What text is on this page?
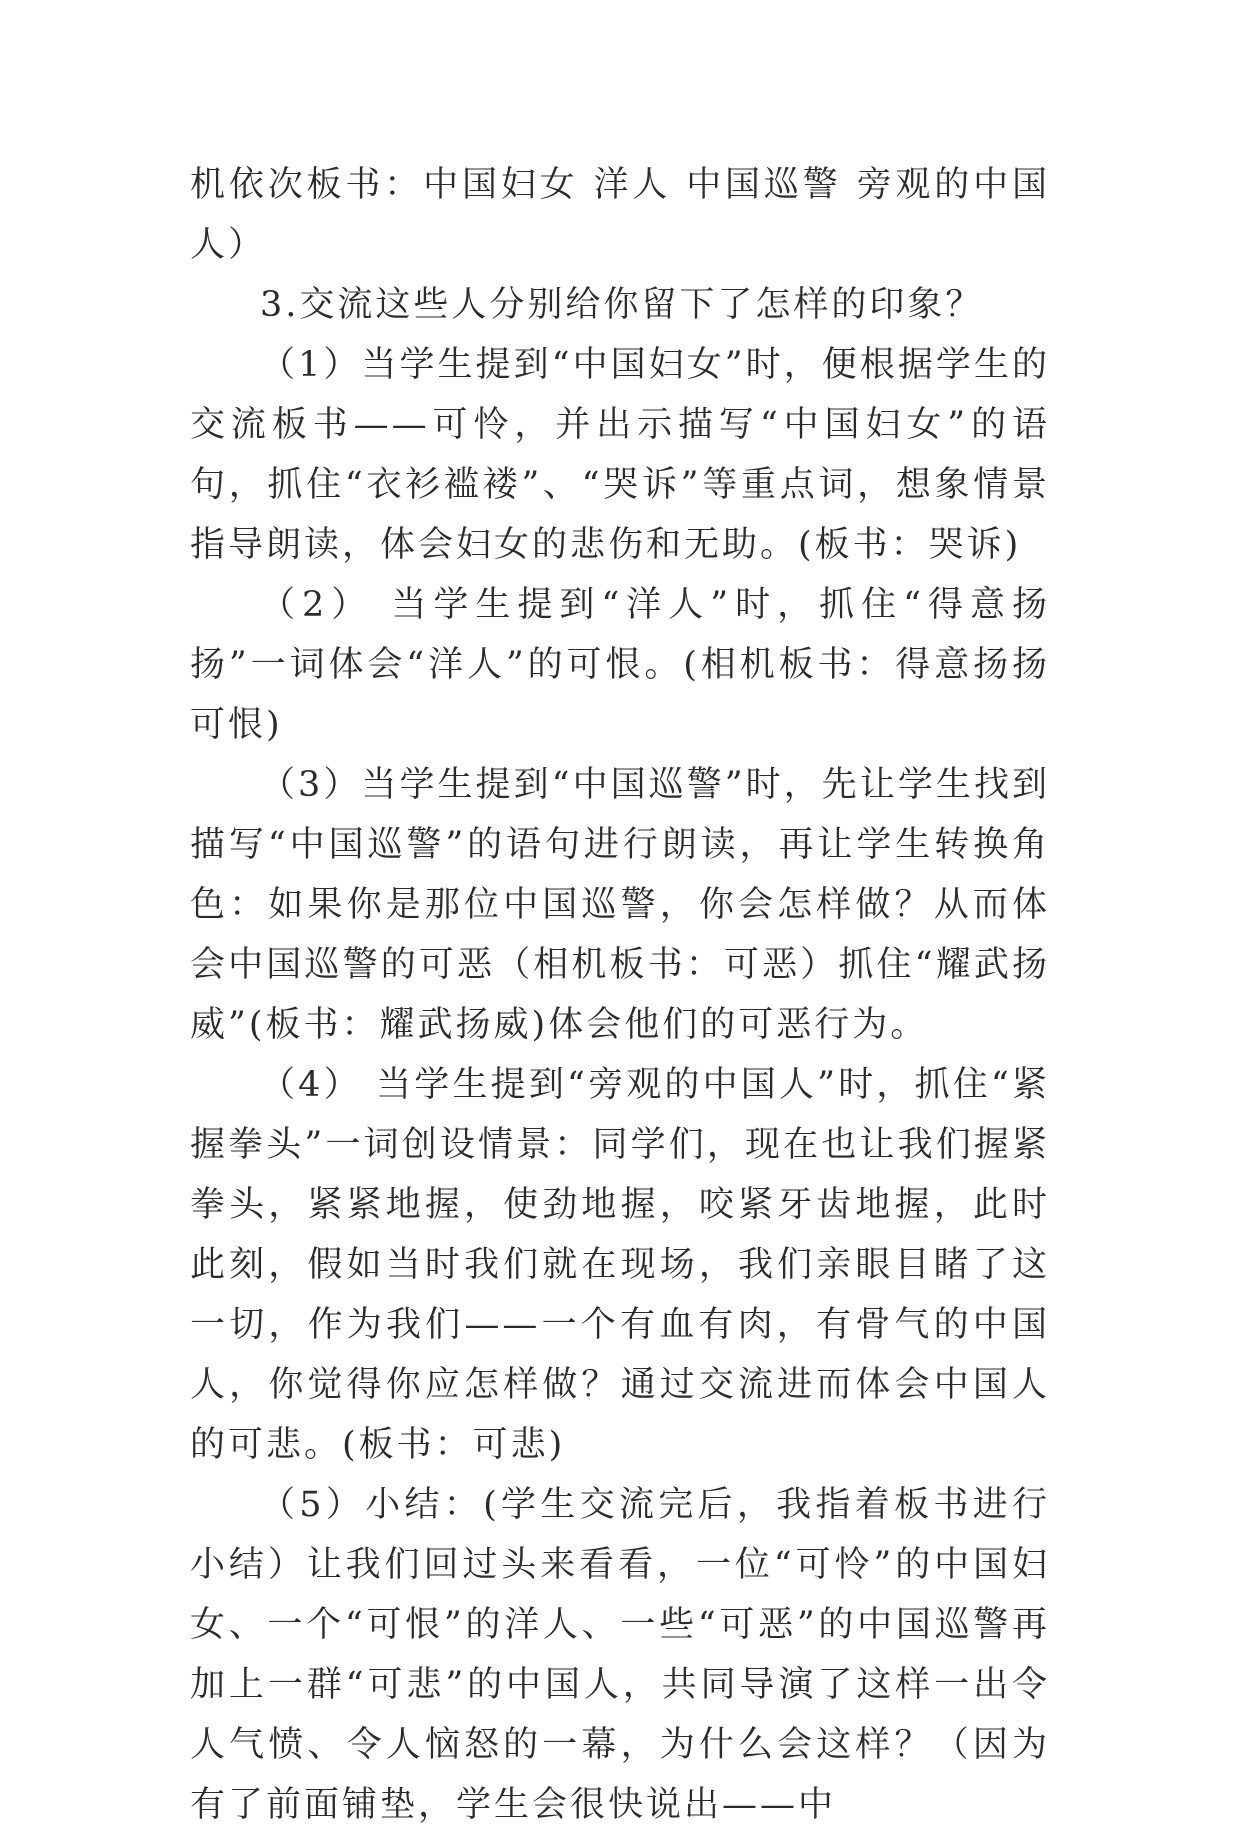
机依次板书：中国妇女 洋人 中国巡警 旁观的中国人）

3.交流这些人分别给你留下了怎样的印象？

（1）当学生提到“中国妇女”时，便根据学生的交流板书——可怜，并出示描写“中国妇女”的语句，抓住“衣衫褴褛”、“哭诉”等重点词，想象情景指导朗读，体会妇女的悲伤和无助。(板书：哭诉)

（2） 当学生提到“洋人”时，抓住“得意扬扬”一词体会“洋人”的可恨。(相机板书：得意扬扬 可恨)

（3）当学生提到“中国巡警”时，先让学生找到描写“中国巡警”的语句进行朗读，再让学生转换角色：如果你是那位中国巡警，你会怎样做？从而体会中国巡警的可恶（相机板书：可恶）抓住“耀武扬威”(板书：耀武扬威)体会他们的可恶行为。

（4） 当学生提到“旁观的中国人”时，抓住“紧握拳头”一词创设情景：同学们，现在也让我们握紧拳头，紧紧地握，使劲地握，咬紧牙齿地握，此时此刻，假如当时我们就在现场，我们亲眼目睹了这一切，作为我们——一个有血有肉，有骨气的中国人，你觉得你应怎样做？通过交流进而体会中国人的可悲。(板书：可悲)

（5）小结：(学生交流完后，我指着板书进行小结）让我们回过头来看看，一位“可怜”的中国妇女、一个“可恨”的洋人、一些“可恶”的中国巡警再加上一群“可悲”的中国人，共同导演了这样一出令人气愤、令人恼怒的一幕，为什么会这样？（因为有了前面铺垫，学生会很快说出——中
